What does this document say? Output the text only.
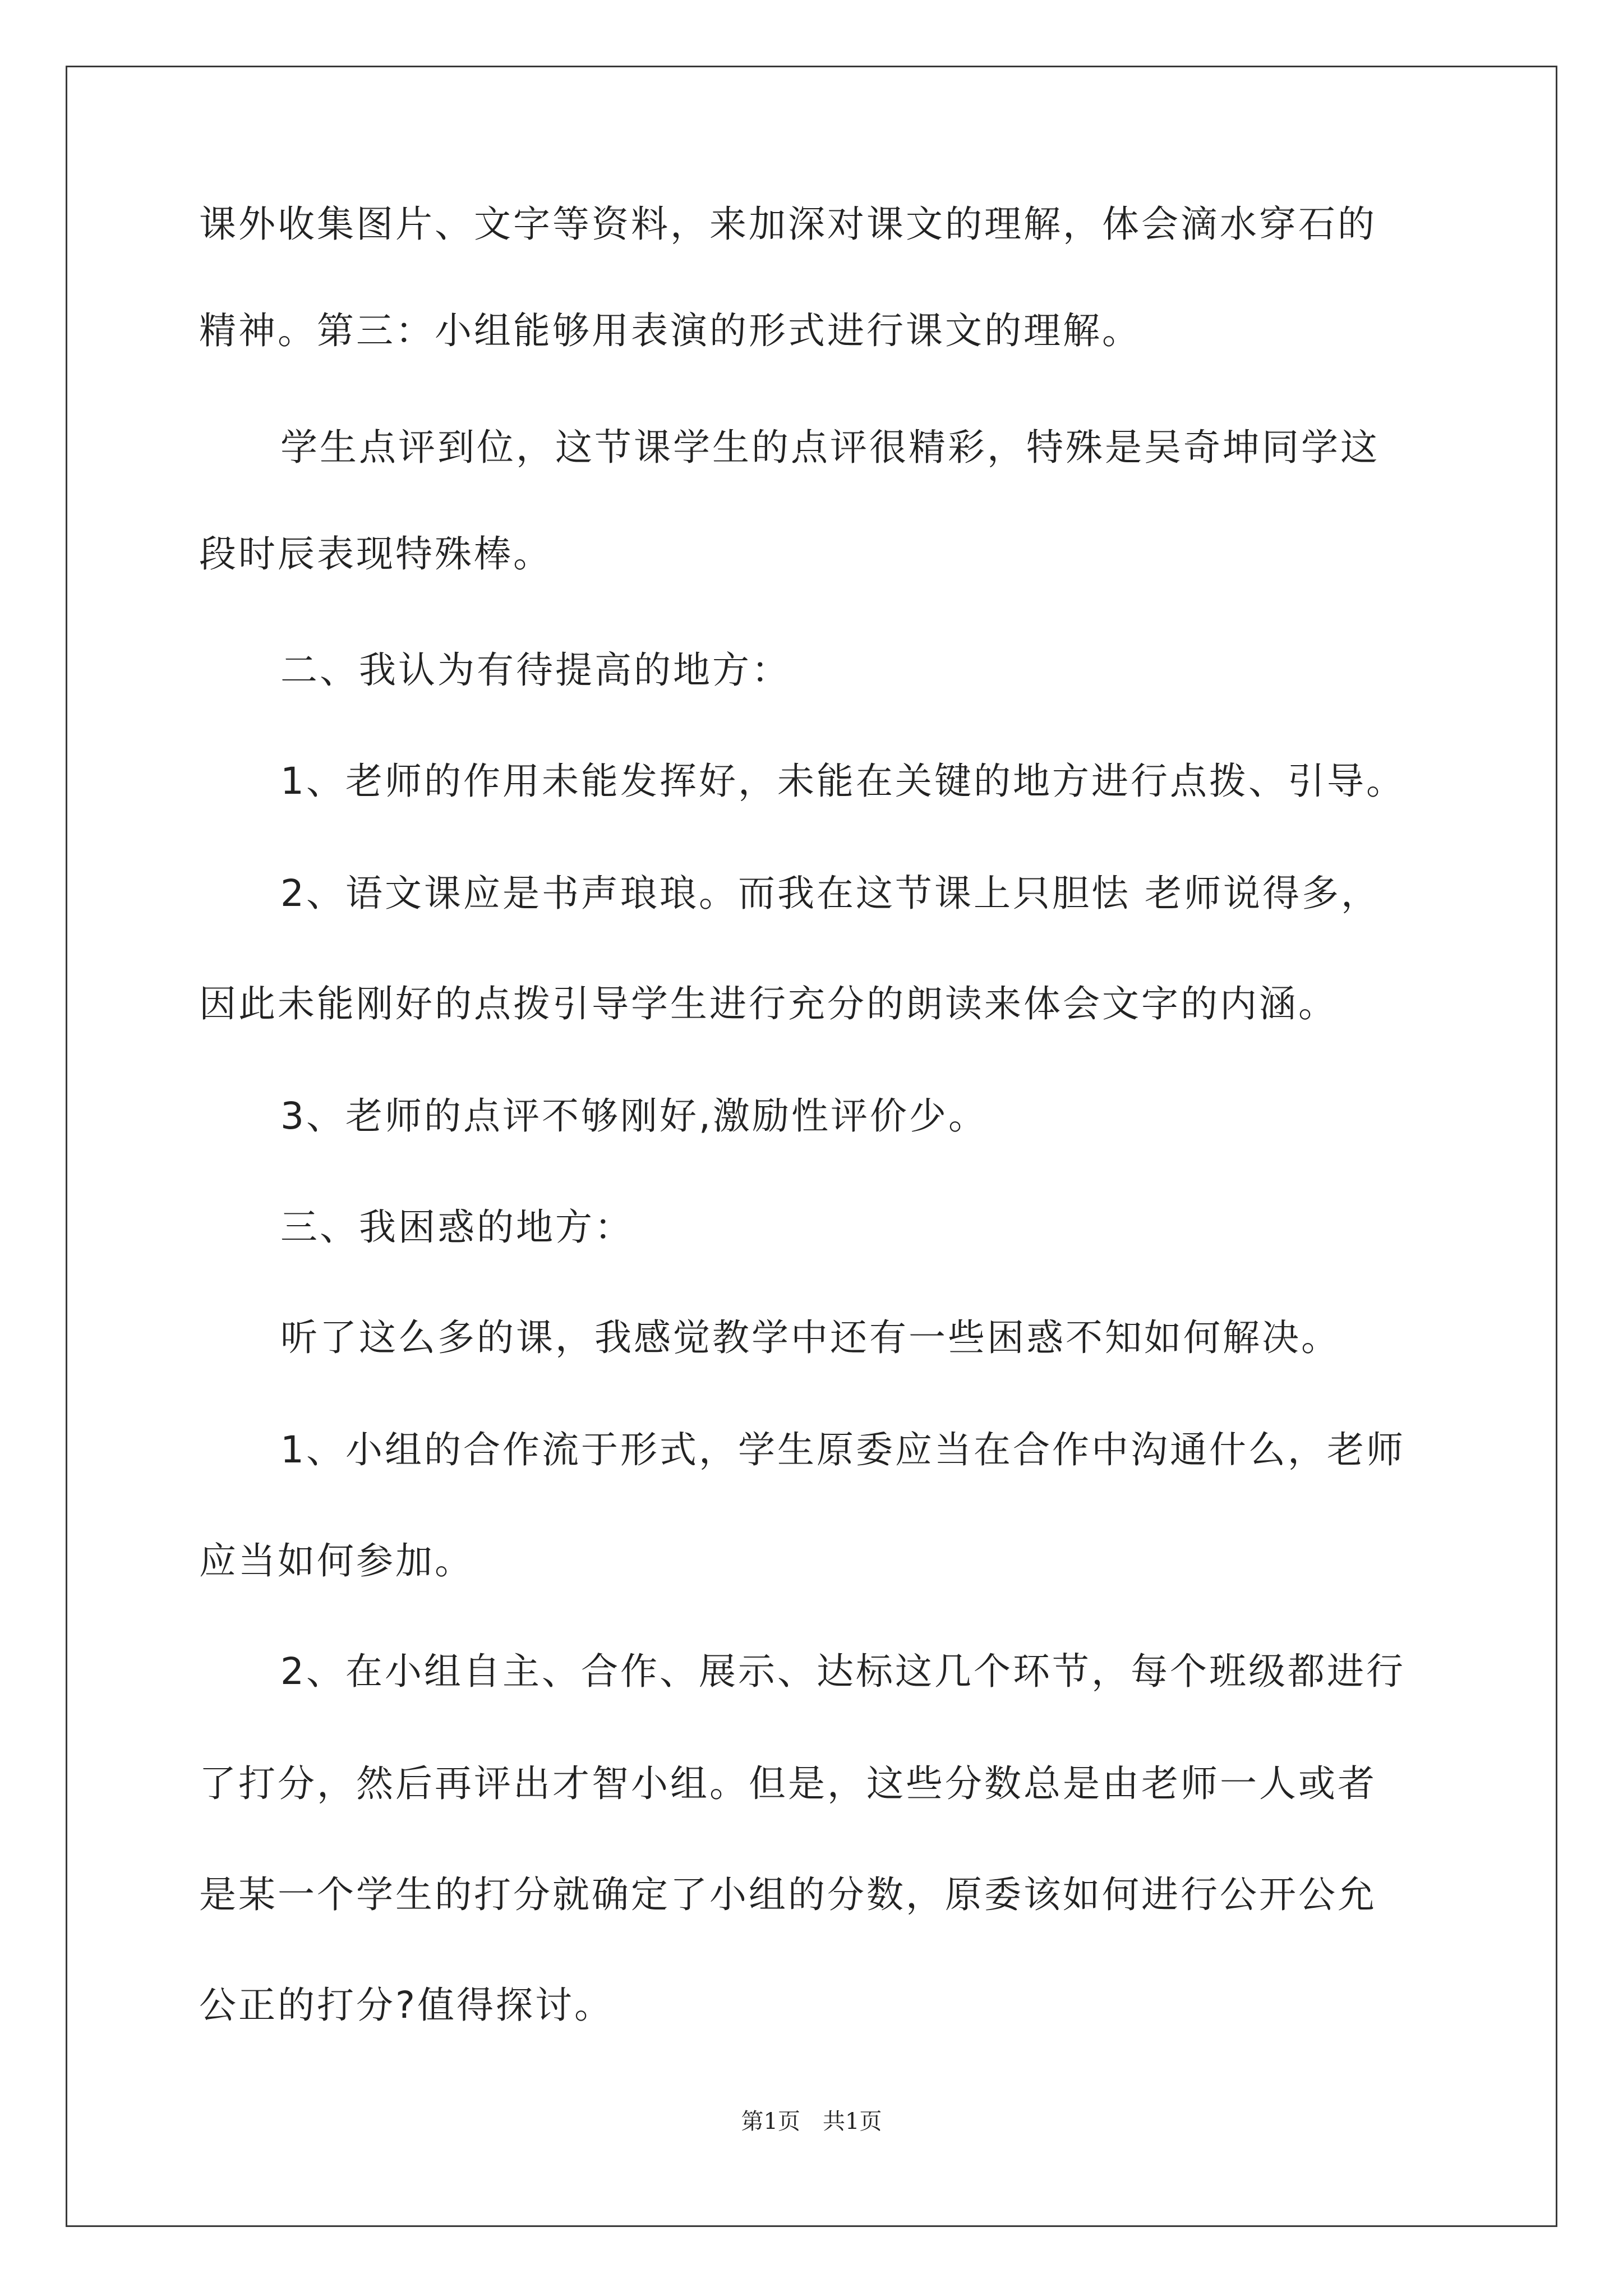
课外收集图片、文字等资料，来加深对课文的理解，体会滴水穿石的

精神。第三：小组能够用表演的形式进行课文的理解。

学生点评到位，这节课学生的点评很精彩，特殊是吴奇坤同学这

段时辰表现特殊棒。

二、我认为有待提高的地方：

1、老师的作用未能发挥好，未能在关键的地方进行点拨、引导。

2、语文课应是书声琅琅。而我在这节课上只胆怯 老师说得多，

因此未能刚好的点拨引导学生进行充分的朗读来体会文字的内涵。

3、老师的点评不够刚好,激励性评价少。

三、我困惑的地方：

听了这么多的课，我感觉教学中还有一些困惑不知如何解决。

1、小组的合作流于形式，学生原委应当在合作中沟通什么，老师

应当如何参加。

2、在小组自主、合作、展示、达标这几个环节，每个班级都进行

了打分，然后再评出才智小组。但是，这些分数总是由老师一人或者

是某一个学生的打分就确定了小组的分数，原委该如何进行公开公允

公正的打分?值得探讨。

第1页　共1页
